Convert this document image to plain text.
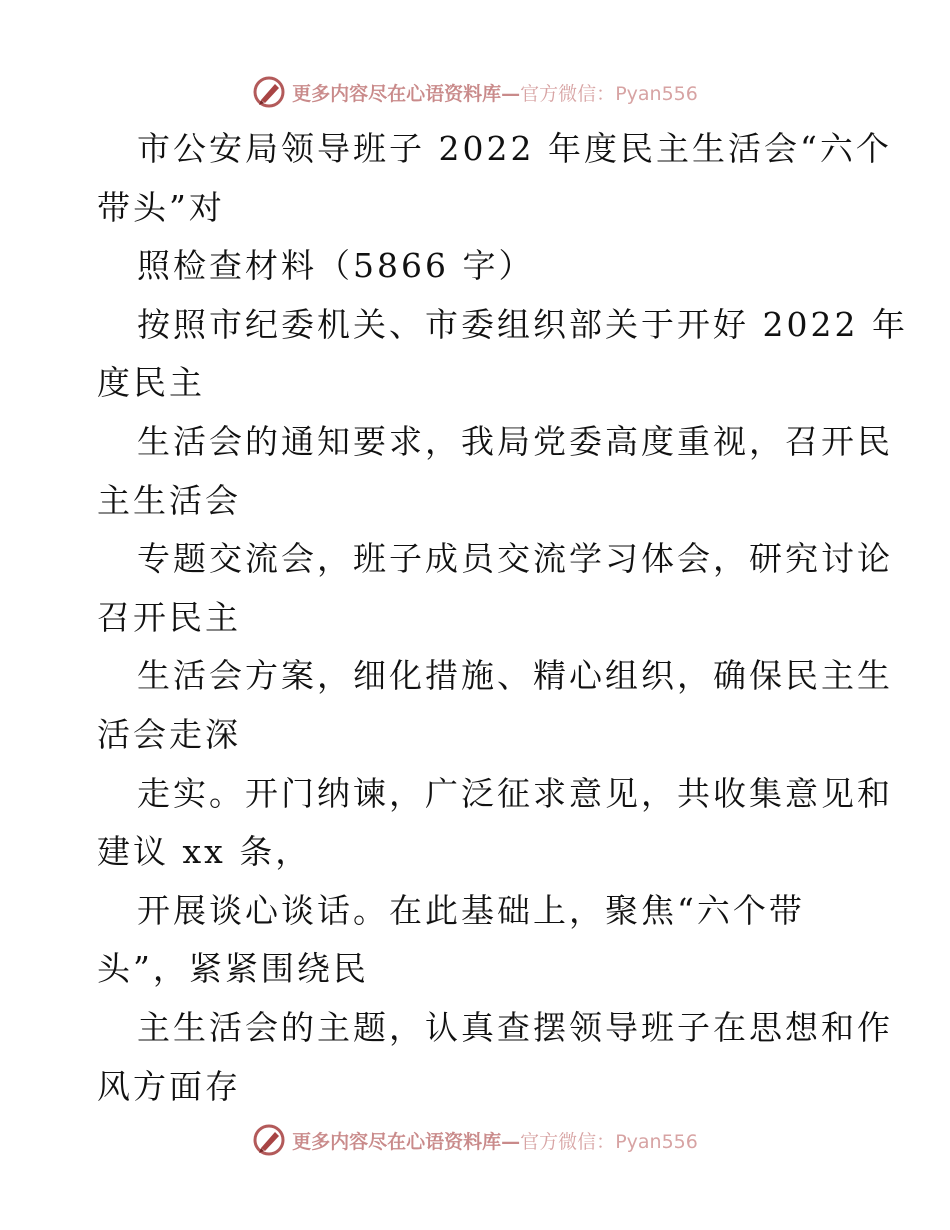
更多内容尽在心语资料库—官方微信：Pyan556
市公安局领导班子 2022 年度民主生活会“六个
带头”对
照检查材料（5866 字）
按照市纪委机关、市委组织部关于开好 2022 年
度民主
生活会的通知要求，我局党委高度重视，召开民
主生活会
专题交流会，班子成员交流学习体会，研究讨论
召开民主
生活会方案，细化措施、精心组织，确保民主生
活会走深
走实。开门纳谏，广泛征求意见，共收集意见和
建议 xx 条，
开展谈心谈话。在此基础上，聚焦“六个带
头”，紧紧围绕民
主生活会的主题，认真查摆领导班子在思想和作
风方面存
更多内容尽在心语资料库—官方微信：Pyan556
